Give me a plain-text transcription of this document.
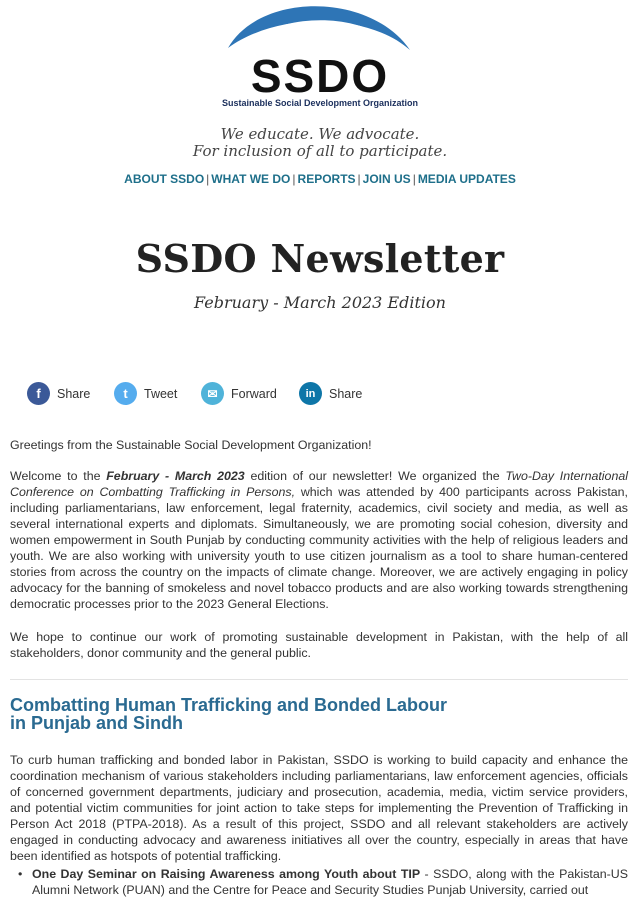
SSDO
Sustainable Social Development Organization
We educate. We advocate.
For inclusion of all to participate.
ABOUT SSDO | WHAT WE DO | REPORTS | JOIN US | MEDIA UPDATES
SSDO Newsletter
February - March 2023 Edition
f	Share	t	Tweet	✉	Forward	in	Share
Greetings from the Sustainable Social Development Organization!
Welcome to the February - March 2023 edition of our newsletter! We organized the Two-Day International Conference on Combatting Trafficking in Persons, which was attended by 400 participants across Pakistan, including parliamentarians, law enforcement, legal fraternity, academics, civil society and media, as well as several international experts and diplomats. Simultaneously, we are promoting social cohesion, diversity and women empowerment in South Punjab by conducting community activities with the help of religious leaders and youth. We are also working with university youth to use citizen journalism as a tool to share human-centered stories from across the country on the impacts of climate change. Moreover, we are actively engaging in policy advocacy for the banning of smokeless and novel tobacco products and are also working towards strengthening democratic processes prior to the 2023 General Elections.
We hope to continue our work of promoting sustainable development in Pakistan, with the help of all stakeholders, donor community and the general public.
Combatting Human Trafficking and Bonded Labour
in Punjab and Sindh
To curb human trafficking and bonded labor in Pakistan, SSDO is working to build capacity and enhance the coordination mechanism of various stakeholders including parliamentarians, law enforcement agencies, officials of concerned government departments, judiciary and prosecution, academia, media, victim service providers, and potential victim communities for joint action to take steps for implementing the Prevention of Trafficking in Person Act 2018 (PTPA-2018). As a result of this project, SSDO and all relevant stakeholders are actively engaged in conducting advocacy and awareness initiatives all over the country, especially in areas that have been identified as hotspots of potential trafficking.
• One Day Seminar on Raising Awareness among Youth about TIP - SSDO, along with the Pakistan-US Alumni Network (PUAN) and the Centre for Peace and Security Studies Punjab University, carried out
